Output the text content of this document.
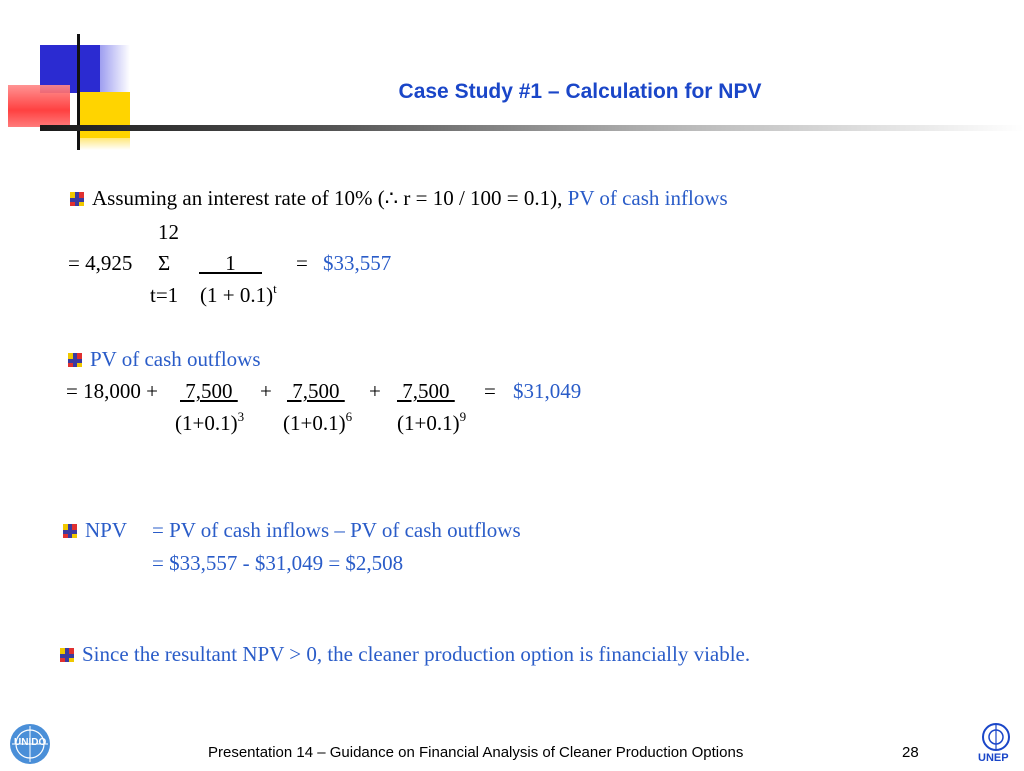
Case Study #1 – Calculation for NPV
Assuming an interest rate of 10% (∴ r = 10 / 100 = 0.1), PV of cash inflows
12
= 4,925 Σ 1 = $33,557
t=1 $(1 + 0.1)^t$
PV of cash outflows
= 18,000 + 7,500 + 7,500 + 7,500 = $31,049
$(1+0.1)^3$ $(1+0.1)^6$ $(1+0.1)^9$
NPV = PV of cash inflows – PV of cash outflows
= $33,557 - $31,049 = $2,508
Since the resultant NPV > 0, the cleaner production option is financially viable.
UNIDO
Presentation 14 – Guidance on Financial Analysis of Cleaner Production Options	28	UNEP
